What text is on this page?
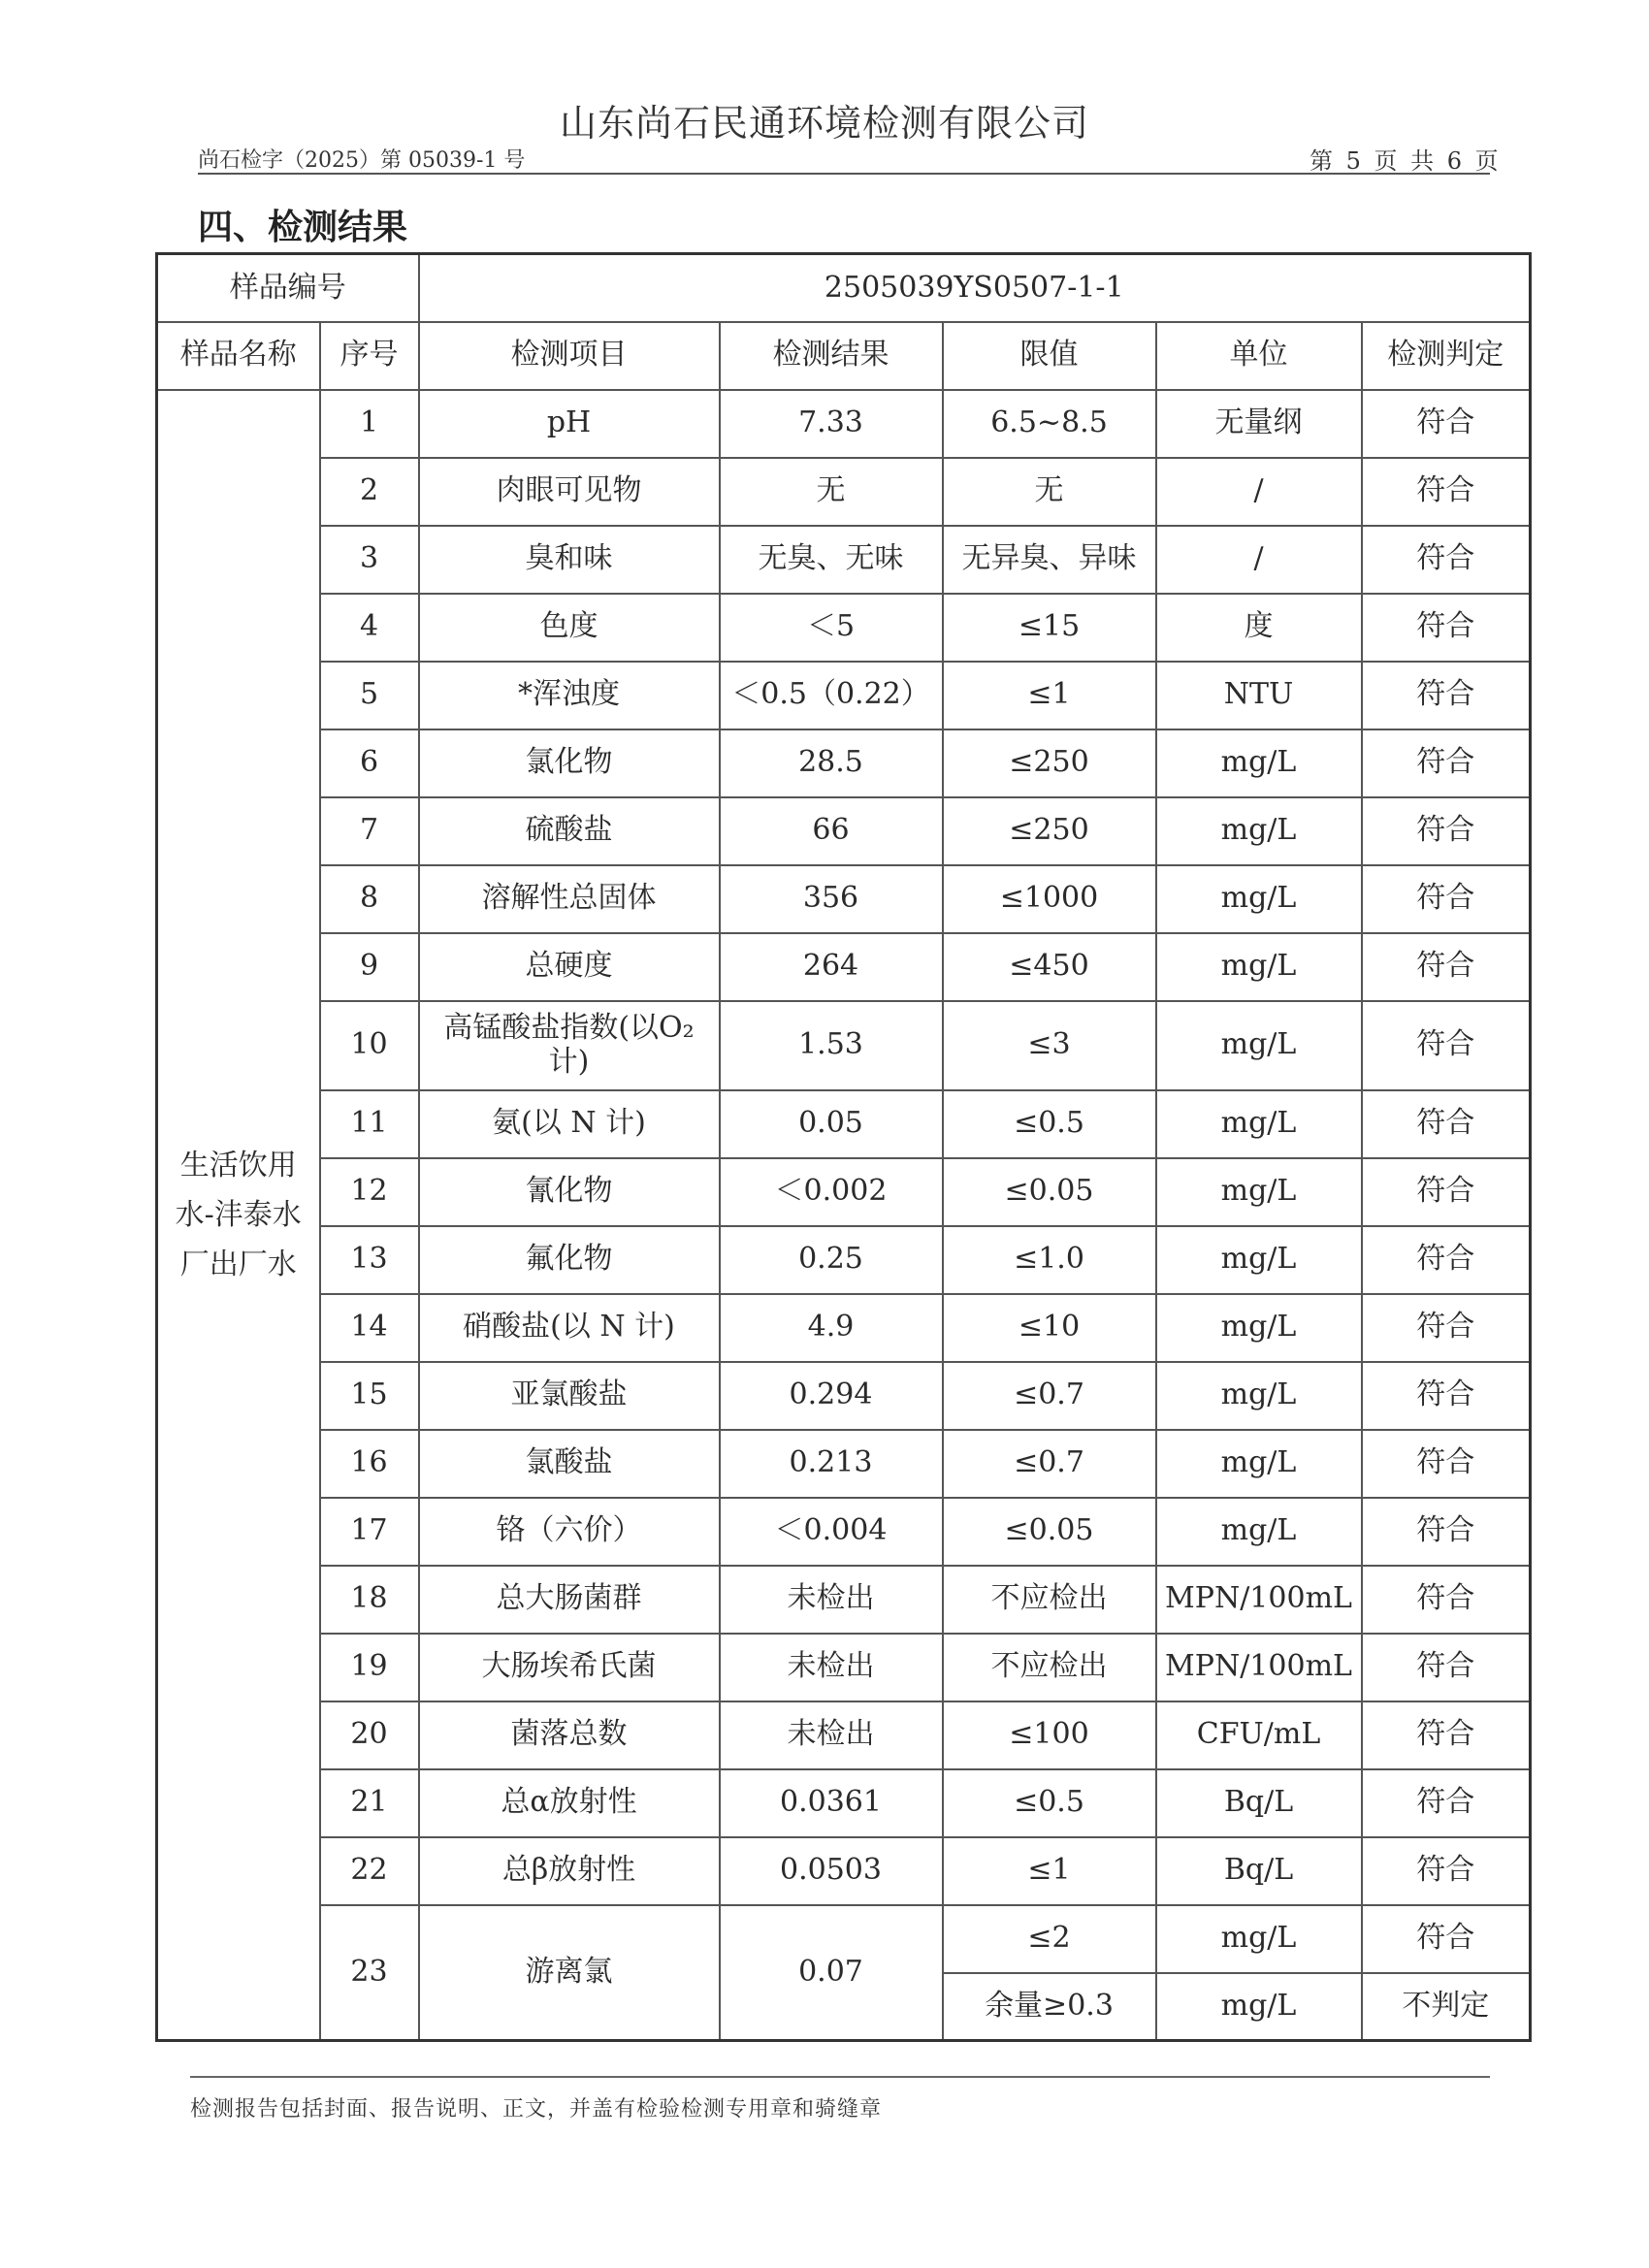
山东尚石民通环境检测有限公司
尚石检字（2025）第 05039-1 号	第 5 页 共 6 页
四、检测结果
样品编号		2505039YS0507-1-1				
样品名称	序号	检测项目	检测结果	限值	单位	检测判定
生活饮用水-沣泰水厂出厂水	1	pH	7.33	6.5~8.5	无量纲	符合
	2	肉眼可见物	无	无	/	符合
	3	臭和味	无臭、无味	无异臭、异味	/	符合
	4	色度	＜5	≤15	度	符合
	5	*浑浊度	＜0.5（0.22）	≤1	NTU	符合
	6	氯化物	28.5	≤250	mg/L	符合
	7	硫酸盐	66	≤250	mg/L	符合
	8	溶解性总固体	356	≤1000	mg/L	符合
	9	总硬度	264	≤450	mg/L	符合
	10	高锰酸盐指数(以O₂计)	1.53	≤3	mg/L	符合
	11	氨(以 N 计)	0.05	≤0.5	mg/L	符合
	12	氰化物	＜0.002	≤0.05	mg/L	符合
	13	氟化物	0.25	≤1.0	mg/L	符合
	14	硝酸盐(以 N 计)	4.9	≤10	mg/L	符合
	15	亚氯酸盐	0.294	≤0.7	mg/L	符合
	16	氯酸盐	0.213	≤0.7	mg/L	符合
	17	铬（六价）	＜0.004	≤0.05	mg/L	符合
	18	总大肠菌群	未检出	不应检出	MPN/100mL	符合
	19	大肠埃希氏菌	未检出	不应检出	MPN/100mL	符合
	20	菌落总数	未检出	≤100	CFU/mL	符合
	21	总α放射性	0.0361	≤0.5	Bq/L	符合
	22	总β放射性	0.0503	≤1	Bq/L	符合
	23	游离氯	0.07	≤2	mg/L	符合
				余量≥0.3	mg/L	不判定
检测报告包括封面、报告说明、正文，并盖有检验检测专用章和骑缝章
